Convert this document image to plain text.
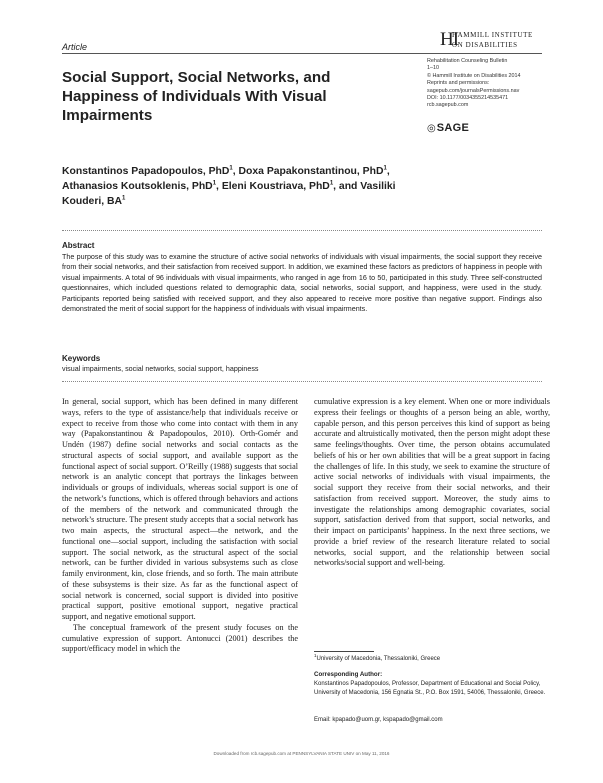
Article	HI
HAMMILL INSTITUTE
ON DISABILITIES
Rehabilitation Counseling Bulletin
1–10
© Hammill Institute on Disabilities 2014
Reprints and permissions:
sagepub.com/journalsPermissions.nav
DOI: 10.1177/0034355214535471
rcb.sagepub.com
◎ SAGE
Social Support, Social Networks, and Happiness of Individuals With Visual Impairments
Konstantinos Papadopoulos, PhD$^1$, Doxa Papakonstantinou, PhD$^1$,
Athanasios Koutsoklenis, PhD$^1$, Eleni Koustriava, PhD$^1$, and Vasiliki Kouderi, $BA^1$
Abstract
The purpose of this study was to examine the structure of active social networks of individuals with visual impairments, the social support they receive from their social networks, and their satisfaction from received support. In addition, we examined these factors as predictors of happiness in people with visual impairments. A total of 96 individuals with visual impairments, who ranged in age from 16 to 50, participated in this study. Three self-constructed questionnaires, which included questions related to demographic data, social networks, social support, and happiness, were used in the study. Participants reported being satisfied with received support, and they also appeared to receive more positive than negative support. Findings also demonstrated the merit of social support for the happiness of individuals with visual impairments.
Keywords
visual impairments, social networks, social support, happiness

In general, social support, which has been defined in many different ways, refers to the type of assistance/help that individuals receive or expect to receive from those who come into contact with them in any way (Papakonstantinou & Papadopoulos, 2010). Orth-Gomér and Undén (1987) define social networks and social contacts as the structural aspects of social support, and available support as the functional aspect of social support. O’Reilly (1988) suggests that social network is an analytic concept that portrays the linkages between individuals or groups of individuals, whereas social support is one of the network’s functions, which is offered through behaviors and actions of the members of the network and communicated through the network’s structure. The present study accepts that a social network has two main aspects, the structural aspect—the network, and the functional one—social support, including the satisfaction with social support. The social network, as the structural aspect of the social network, can be further divided in various subsystems such as close family environment, kin, close friends, and so forth. The main attribute of these subsystems is their size. As far as the functional aspect of social network is concerned, social support is divided into positive practical support, positive emotional support, negative practical support, and negative emotional support.

The conceptual framework of the present study focuses on the cumulative expression of support. Antonucci (2001) describes the support/efficacy model in which the

cumulative expression is a key element. When one or more individuals express their feelings or thoughts of a person being an able, worthy, capable person, and this person perceives this kind of support as being accurate and altruistically motivated, then the person might adopt these same feelings/thoughts. Over time, the person obtains accumulated beliefs of his or her own abilities that will be a great support in facing the challenges of life. In this study, we seek to examine the structure of active social networks of individuals with visual impairments, the social support they receive from their social networks, and their satisfaction from received support. Moreover, the study aims to investigate the relationships among demographic covariates, social support, satisfaction derived from that support, social networks, and their impact on participants’ happiness. In the next three sections, we provide a brief review of the research literature related to social networks, social support, and the relationship between social networks/social support and well-being.

$^1$University of Macedonia, Thessaloniki, Greece
Corresponding Author:
Konstantinos Papadopoulos, Professor, Department of Educational and Social Policy, University of Macedonia, 156 Egnatia St., P.O. Box 1591, 54006, Thessaloniki, Greece.
Email: kpapado@uom.gr, kspapado@gmail.com
Downloaded from rcb.sagepub.com at PENNSYLVANIA STATE UNIV on May 11, 2016
